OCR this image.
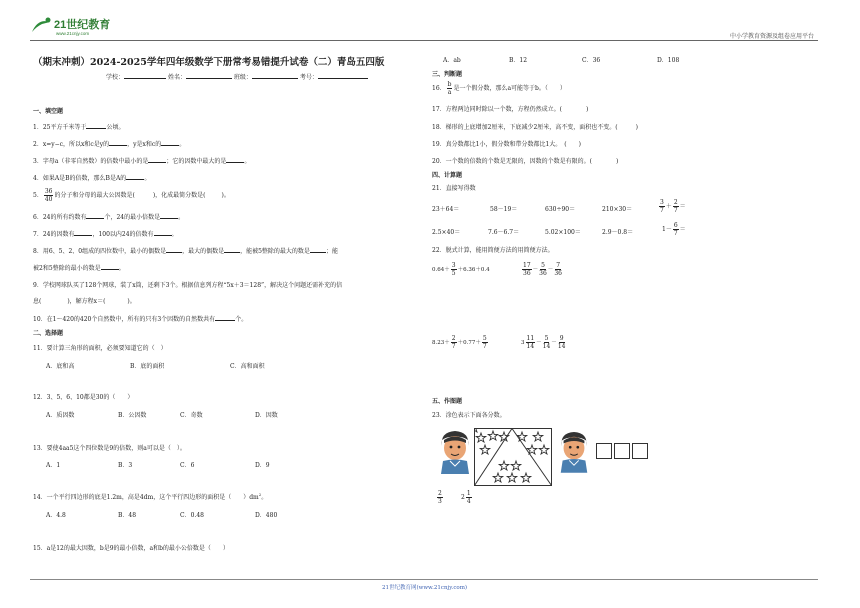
21世纪教育
www.21cnjy.com	中小学教育资源及组卷应用平台
（期末冲刺）2024-2025学年四年级数学下册常考易错提升试卷（二）青岛五四版
学校：	姓名：	班级：	考号：
一、填空题
1．25平方千米等于	公顷。
2．x=y−c，所以x和c是y的	，y是x和c的	。
3．字母a（非零自然数）的倍数中最小的是	；它的因数中最大的是	。
4．如果A是B的倍数，那么B是A的	。
5． $\frac{36}{40}$ 的分子和分母的最大公因数是(	)，化成最简分数是(	)。
6．24的所有约数有	个，24的最小倍数是	。
7．24的因数有	，100以内24的倍数有	。
8．用6、5、2、0组成的四位数中，最小的偶数是	，最大的偶数是	，能被5整除的最大的数是	；能
被2和5整除的最小的数是	。
9．学校网球队买了128个网球，装了x筒，还剩下3个。根据信息列方程“5x＋3＝128”，解决这个问题还需补充的信
息(	)，解方程x＝(	)。
10．在1～420的420个自然数中，所有的只有3个因数的自然数共有	个。
二、选择题
11．要计算三角形的面积，必须要知道它的（　）
A．底和高	B．底的面积	C．高和面积
12．3、5、6、10都是30的（　　）
A．质因数	B．公因数	C．奇数	D．因数
13．要使4aa5这个四位数是9的倍数，则a可以是（　）。
A．1	B．3	C．6	D．9
14．一个平行四边形的底是1.2m，高是4dm，这个平行四边形的面积是（　　）$dm^2$。
A．4.8	B．48	C．0.48	D．480
15．a是12的最大因数，b是9的最小倍数，a和b的最小公倍数是（　　）
A．ab	B．12	C．36	D．108
三、判断题
16． $\frac{b}{a}$ 是一个假分数，那么a可能等于b。（　　）
17．方程两边同时除以一个数，方程仍然成立。(　　　　)
18．梯形的上底增加2厘米，下底减少2厘米，高不变，面积也不变。(　　　)
19．真分数都比1小，假分数和带分数都比1大。　(　　)
20．一个数的倍数的个数是无限的，因数的个数是有限的。(　　　　)
四、计算题
21．直接写得数
23＋64＝	58－19＝	630÷90＝	210×30＝	$\frac{3}{7} + \frac{2}{7}$ ＝
2.5×40＝	7.6－6.7＝	5.02×100＝	2.9－0.8＝	$1- \frac{6}{7}$ ＝
22．脱式计算，能用简便方法的用简便方法。
$0.64+ \frac{3}{5} +6.36+0.4$	$\frac{17}{36} - \frac{5}{36} - \frac{7}{36}$
$8.23+ \frac{2}{7} +0.77+ \frac{5}{7}$	$3 \frac{11}{14} - \frac{5}{14} - \frac{9}{14}$
五、作图题
23．涂色表示下面各分数。
$\frac{2}{3}$	$2 \frac{1}{4}$
21世纪教育网(www.21cnjy.com)
